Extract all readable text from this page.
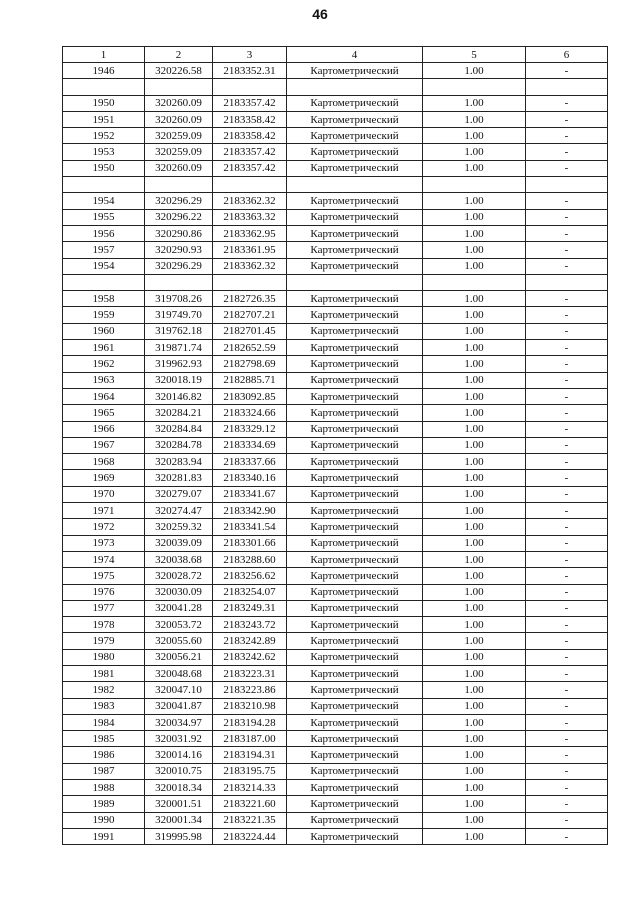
46
1	2	3	4	5	6
1946	320226.58	2183352.31	Картометрический	1.00	-

1950	320260.09	2183357.42	Картометрический	1.00	-
1951	320260.09	2183358.42	Картометрический	1.00	-
1952	320259.09	2183358.42	Картометрический	1.00	-
1953	320259.09	2183357.42	Картометрический	1.00	-
1950	320260.09	2183357.42	Картометрический	1.00	-

1954	320296.29	2183362.32	Картометрический	1.00	-
1955	320296.22	2183363.32	Картометрический	1.00	-
1956	320290.86	2183362.95	Картометрический	1.00	-
1957	320290.93	2183361.95	Картометрический	1.00	-
1954	320296.29	2183362.32	Картометрический	1.00	-

1958	319708.26	2182726.35	Картометрический	1.00	-
1959	319749.70	2182707.21	Картометрический	1.00	-
1960	319762.18	2182701.45	Картометрический	1.00	-
1961	319871.74	2182652.59	Картометрический	1.00	-
1962	319962.93	2182798.69	Картометрический	1.00	-
1963	320018.19	2182885.71	Картометрический	1.00	-
1964	320146.82	2183092.85	Картометрический	1.00	-
1965	320284.21	2183324.66	Картометрический	1.00	-
1966	320284.84	2183329.12	Картометрический	1.00	-
1967	320284.78	2183334.69	Картометрический	1.00	-
1968	320283.94	2183337.66	Картометрический	1.00	-
1969	320281.83	2183340.16	Картометрический	1.00	-
1970	320279.07	2183341.67	Картометрический	1.00	-
1971	320274.47	2183342.90	Картометрический	1.00	-
1972	320259.32	2183341.54	Картометрический	1.00	-
1973	320039.09	2183301.66	Картометрический	1.00	-
1974	320038.68	2183288.60	Картометрический	1.00	-
1975	320028.72	2183256.62	Картометрический	1.00	-
1976	320030.09	2183254.07	Картометрический	1.00	-
1977	320041.28	2183249.31	Картометрический	1.00	-
1978	320053.72	2183243.72	Картометрический	1.00	-
1979	320055.60	2183242.89	Картометрический	1.00	-
1980	320056.21	2183242.62	Картометрический	1.00	-
1981	320048.68	2183223.31	Картометрический	1.00	-
1982	320047.10	2183223.86	Картометрический	1.00	-
1983	320041.87	2183210.98	Картометрический	1.00	-
1984	320034.97	2183194.28	Картометрический	1.00	-
1985	320031.92	2183187.00	Картометрический	1.00	-
1986	320014.16	2183194.31	Картометрический	1.00	-
1987	320010.75	2183195.75	Картометрический	1.00	-
1988	320018.34	2183214.33	Картометрический	1.00	-
1989	320001.51	2183221.60	Картометрический	1.00	-
1990	320001.34	2183221.35	Картометрический	1.00	-
1991	319995.98	2183224.44	Картометрический	1.00	-
